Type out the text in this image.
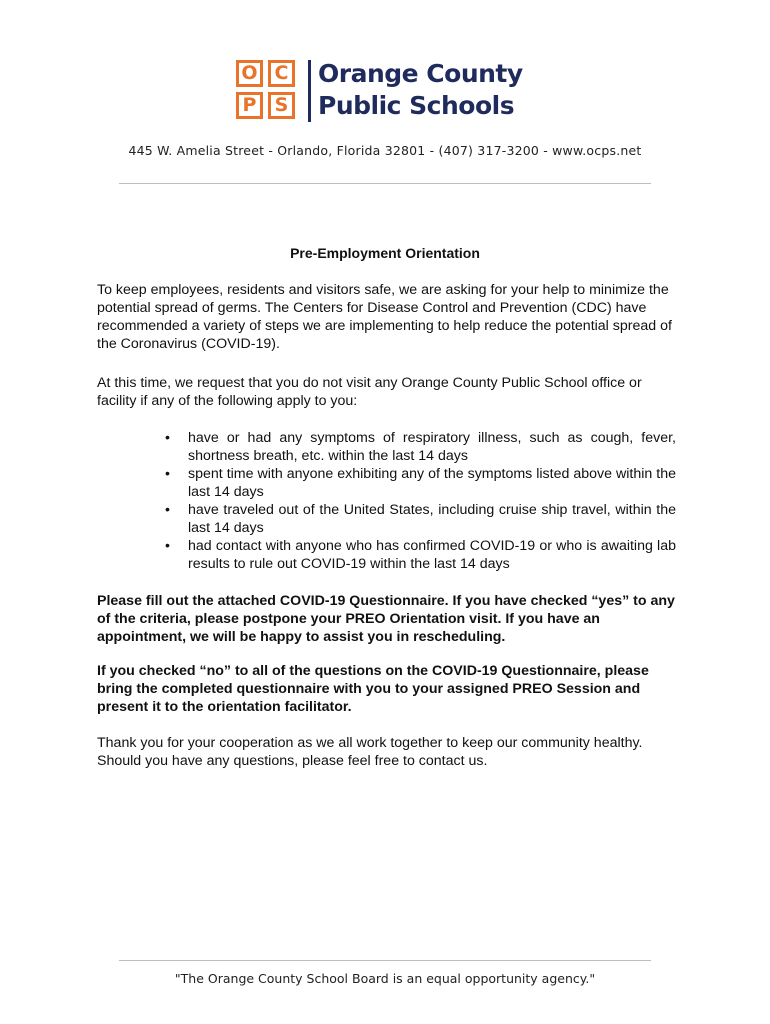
O C
P S
Orange County
Public Schools
445 W. Amelia Street - Orlando, Florida 32801 - (407) 317-3200 - www.ocps.net
Pre-Employment Orientation

To keep employees, residents and visitors safe, we are asking for your help to minimize the potential spread of germs. The Centers for Disease Control and Prevention (CDC) have recommended a variety of steps we are implementing to help reduce the potential spread of the Coronavirus (COVID-19).

At this time, we request that you do not visit any Orange County Public School office or facility if any of the following apply to you:

• have or had any symptoms of respiratory illness, such as cough, fever, shortness breath, etc. within the last 14 days
• spent time with anyone exhibiting any of the symptoms listed above within the last 14 days
• have traveled out of the United States, including cruise ship travel, within the last 14 days
• had contact with anyone who has confirmed COVID-19 or who is awaiting lab results to rule out COVID-19 within the last 14 days

Please fill out the attached COVID-19 Questionnaire. If you have checked “yes” to any of the criteria, please postpone your PREO Orientation visit. If you have an appointment, we will be happy to assist you in rescheduling.

If you checked “no” to all of the questions on the COVID-19 Questionnaire, please bring the completed questionnaire with you to your assigned PREO Session and present it to the orientation facilitator.

Thank you for your cooperation as we all work together to keep our community healthy. Should you have any questions, please feel free to contact us.

"The Orange County School Board is an equal opportunity agency."
